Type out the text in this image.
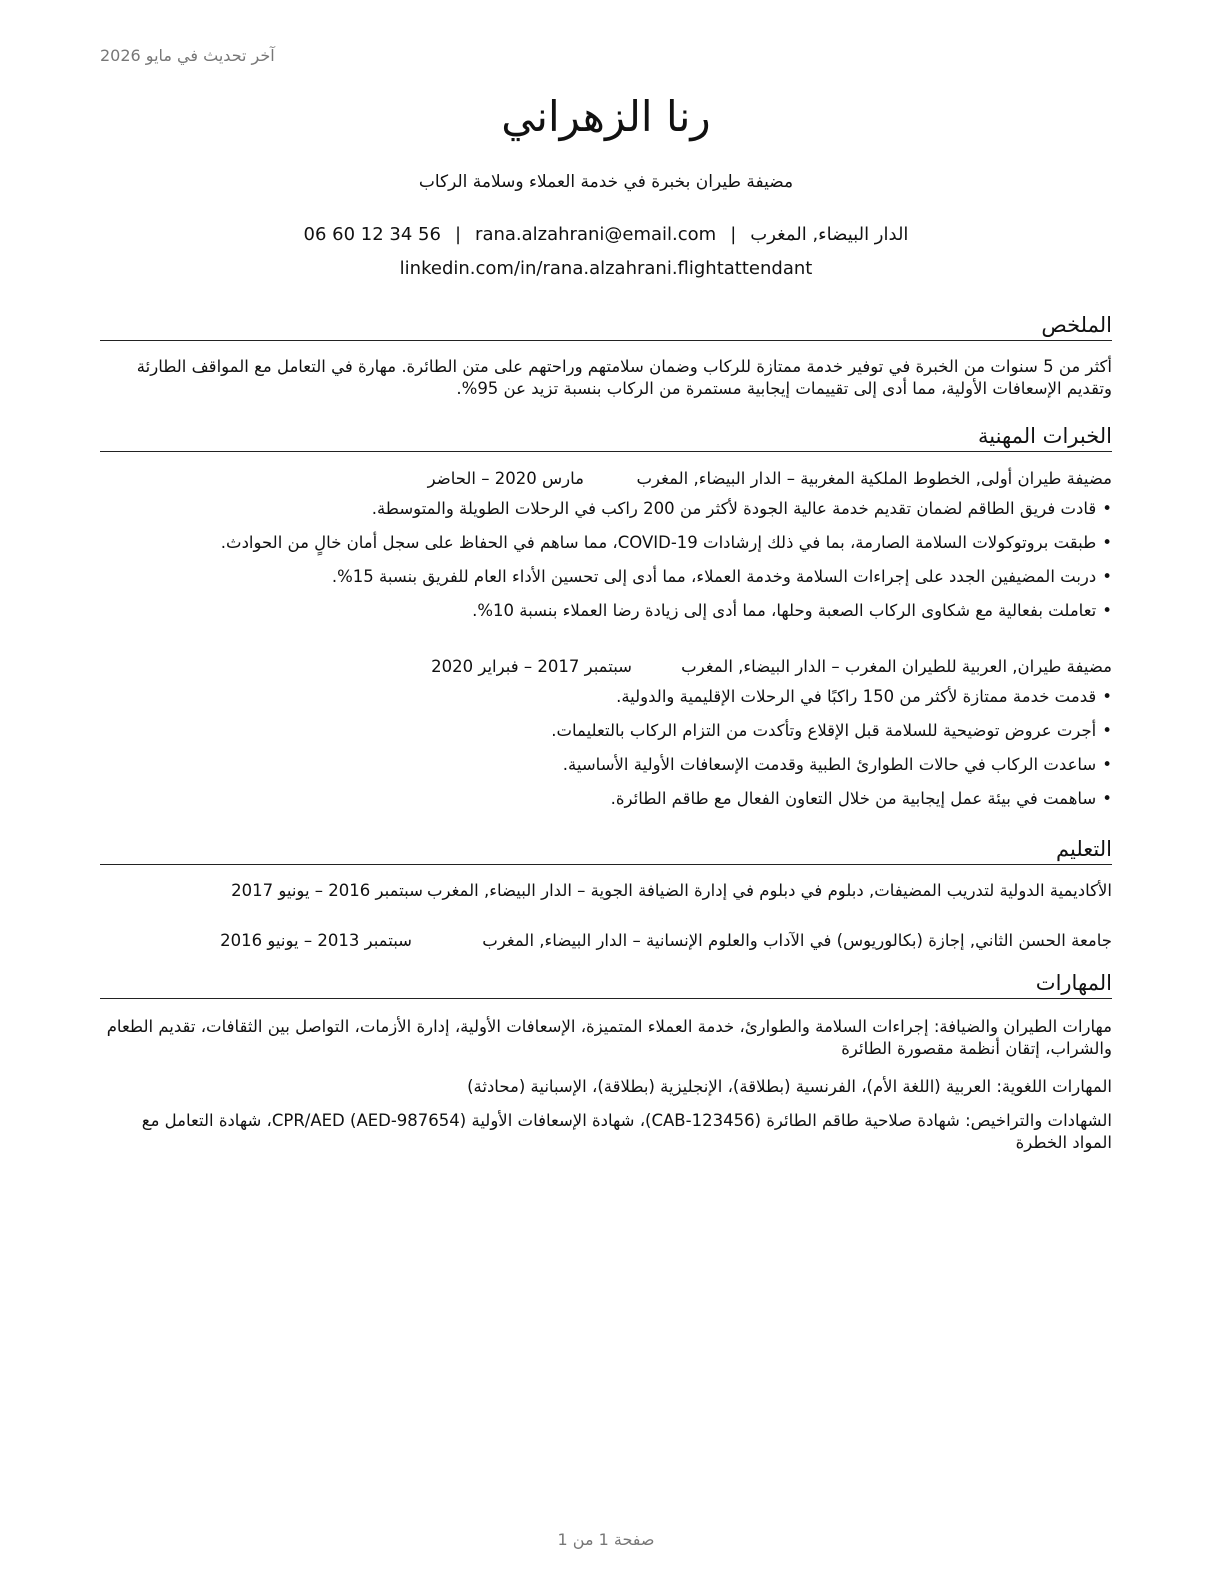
آخر تحديث في مايو 2026
رنا الزهراني
مضيفة طيران بخبرة في خدمة العملاء وسلامة الركاب
الدار البيضاء, المغرب|rana.alzahrani@email.com|06 60 12 34 56
linkedin.com/in/rana.alzahrani.flightattendant
الملخص
أكثر من 5 سنوات من الخبرة في توفير خدمة ممتازة للركاب وضمان سلامتهم وراحتهم على متن الطائرة. مهارة في التعامل مع المواقف الطارئة وتقديم الإسعافات الأولية، مما أدى إلى تقييمات إيجابية مستمرة من الركاب بنسبة تزيد عن 95%.
الخبرات المهنية
مضيفة طيران أولى, الخطوط الملكية المغربية – الدار البيضاء, المغرب
مارس 2020 – الحاضر
• قادت فريق الطاقم لضمان تقديم خدمة عالية الجودة لأكثر من 200 راكب في الرحلات الطويلة والمتوسطة.
• طبقت بروتوكولات السلامة الصارمة، بما في ذلك إرشادات COVID-19، مما ساهم في الحفاظ على سجل أمان خالٍ من الحوادث.
• دربت المضيفين الجدد على إجراءات السلامة وخدمة العملاء، مما أدى إلى تحسين الأداء العام للفريق بنسبة 15%.
• تعاملت بفعالية مع شكاوى الركاب الصعبة وحلها، مما أدى إلى زيادة رضا العملاء بنسبة 10%.
مضيفة طيران, العربية للطيران المغرب – الدار البيضاء, المغرب
سبتمبر 2017 – فبراير 2020
• قدمت خدمة ممتازة لأكثر من 150 راكبًا في الرحلات الإقليمية والدولية.
• أجرت عروض توضيحية للسلامة قبل الإقلاع وتأكدت من التزام الركاب بالتعليمات.
• ساعدت الركاب في حالات الطوارئ الطبية وقدمت الإسعافات الأولية الأساسية.
• ساهمت في بيئة عمل إيجابية من خلال التعاون الفعال مع طاقم الطائرة.
التعليم
الأكاديمية الدولية لتدريب المضيفات, دبلوم في دبلوم في إدارة الضيافة الجوية – الدار البيضاء, المغرب
سبتمبر 2016 – يونيو 2017
جامعة الحسن الثاني, إجازة (بكالوريوس) في الآداب والعلوم الإنسانية – الدار البيضاء, المغرب
سبتمبر 2013 – يونيو 2016
المهارات
مهارات الطيران والضيافة: إجراءات السلامة والطوارئ، خدمة العملاء المتميزة، الإسعافات الأولية، إدارة الأزمات، التواصل بين الثقافات، تقديم الطعام والشراب، إتقان أنظمة مقصورة الطائرة
المهارات اللغوية: العربية (اللغة الأم)، الفرنسية (بطلاقة)، الإنجليزية (بطلاقة)، الإسبانية (محادثة)
الشهادات والتراخيص: شهادة صلاحية طاقم الطائرة (CAB-123456)، شهادة الإسعافات الأولية CPR/AED (AED-987654)، شهادة التعامل مع المواد الخطرة
صفحة 1 من 1
